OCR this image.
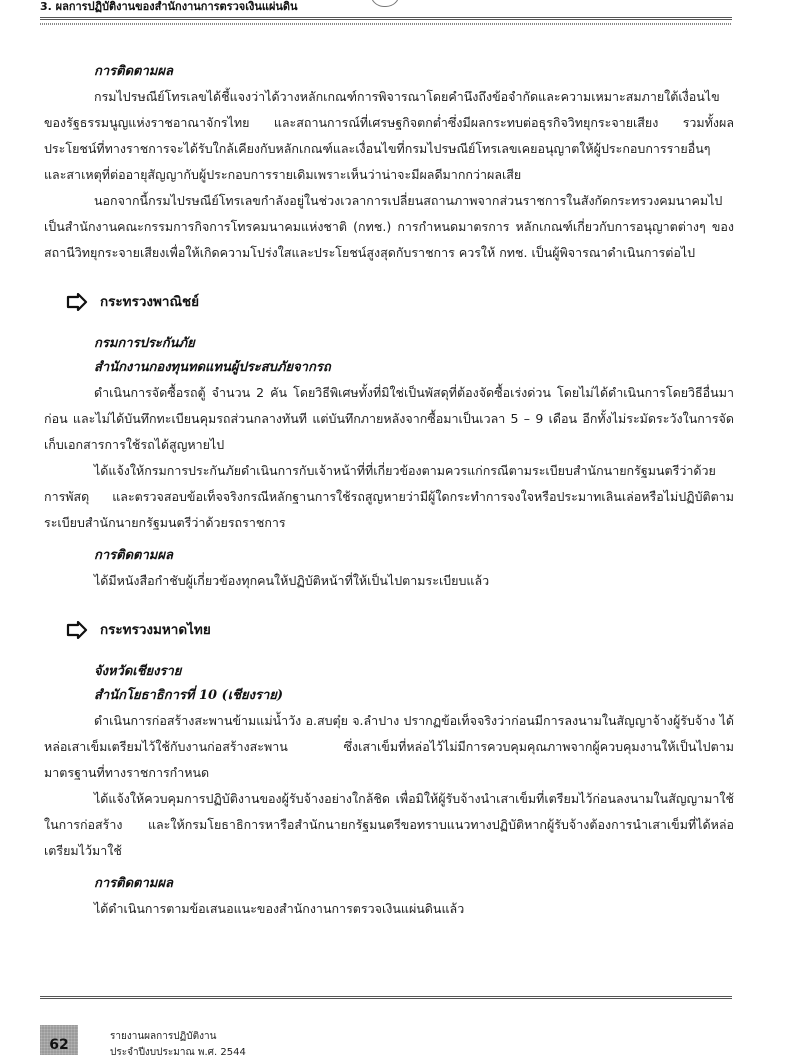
3. ผลการปฏิบัติงานของสำนักงานการตรวจเงินแผ่นดิน
การติดตามผล

กรมไปรษณีย์โทรเลขได้ชี้แจงว่าได้วางหลักเกณฑ์การพิจารณาโดยคำนึงถึงข้อจำกัดและความเหมาะสมภายใต้เงื่อนไขของรัฐธรรมนูญแห่งราชอาณาจักรไทย และสถานการณ์ที่เศรษฐกิจตกต่ำซึ่งมีผลกระทบต่อธุรกิจวิทยุกระจายเสียง รวมทั้งผลประโยชน์ที่ทางราชการจะได้รับใกล้เคียงกับหลักเกณฑ์และเงื่อนไขที่กรมไปรษณีย์โทรเลขเคยอนุญาตให้ผู้ประกอบการรายอื่นๆ และสาเหตุที่ต่ออายุสัญญากับผู้ประกอบการรายเดิมเพราะเห็นว่าน่าจะมีผลดีมากกว่าผลเสีย

นอกจากนี้กรมไปรษณีย์โทรเลขกำลังอยู่ในช่วงเวลาการเปลี่ยนสถานภาพจากส่วนราชการในสังกัดกระทรวงคมนาคมไปเป็นสำนักงานคณะกรรมการกิจการโทรคมนาคมแห่งชาติ (กทช.) การกำหนดมาตรการ หลักเกณฑ์เกี่ยวกับการอนุญาตต่างๆ ของสถานีวิทยุกระจายเสียงเพื่อให้เกิดความโปร่งใสและประโยชน์สูงสุดกับราชการ ควรให้ กทช. เป็นผู้พิจารณาดำเนินการต่อไป

กระทรวงพาณิชย์
กรมการประกันภัย
สำนักงานกองทุนทดแทนผู้ประสบภัยจากรถ

ดำเนินการจัดซื้อรถตู้ จำนวน 2 คัน โดยวิธีพิเศษทั้งที่มิใช่เป็นพัสดุที่ต้องจัดซื้อเร่งด่วน โดยไม่ได้ดำเนินการโดยวิธีอื่นมาก่อน และไม่ได้บันทึกทะเบียนคุมรถส่วนกลางทันที แต่บันทึกภายหลังจากซื้อมาเป็นเวลา 5 – 9 เดือน อีกทั้งไม่ระมัดระวังในการจัดเก็บเอกสารการใช้รถได้สูญหายไป

ได้แจ้งให้กรมการประกันภัยดำเนินการกับเจ้าหน้าที่ที่เกี่ยวข้องตามควรแก่กรณีตามระเบียบสำนักนายกรัฐมนตรีว่าด้วยการพัสดุ และตรวจสอบข้อเท็จจริงกรณีหลักฐานการใช้รถสูญหายว่ามีผู้ใดกระทำการจงใจหรือประมาทเลินเล่อหรือไม่ปฏิบัติตามระเบียบสำนักนายกรัฐมนตรีว่าด้วยรถราชการ

การติดตามผล

ได้มีหนังสือกำชับผู้เกี่ยวข้องทุกคนให้ปฏิบัติหน้าที่ให้เป็นไปตามระเบียบแล้ว

กระทรวงมหาดไทย
จังหวัดเชียงราย
สำนักโยธาธิการที่ 10 (เชียงราย)

ดำเนินการก่อสร้างสะพานข้ามแม่น้ำวัง อ.สบตุ๋ย จ.ลำปาง ปรากฏข้อเท็จจริงว่าก่อนมีการลงนามในสัญญาจ้างผู้รับจ้าง ได้หล่อเสาเข็มเตรียมไว้ใช้กับงานก่อสร้างสะพาน ซึ่งเสาเข็มที่หล่อไว้ไม่มีการควบคุมคุณภาพจากผู้ควบคุมงานให้เป็นไปตามมาตรฐานที่ทางราชการกำหนด

ได้แจ้งให้ควบคุมการปฏิบัติงานของผู้รับจ้างอย่างใกล้ชิด เพื่อมิให้ผู้รับจ้างนำเสาเข็มที่เตรียมไว้ก่อนลงนามในสัญญามาใช้ในการก่อสร้าง และให้กรมโยธาธิการหารือสำนักนายกรัฐมนตรีขอทราบแนวทางปฏิบัติหากผู้รับจ้างต้องการนำเสาเข็มที่ได้หล่อเตรียมไว้มาใช้

การติดตามผล

ได้ดำเนินการตามข้อเสนอแนะของสำนักงานการตรวจเงินแผ่นดินแล้ว

62
รายงานผลการปฏิบัติงาน
ประจำปีงบประมาณ พ.ศ. 2544
